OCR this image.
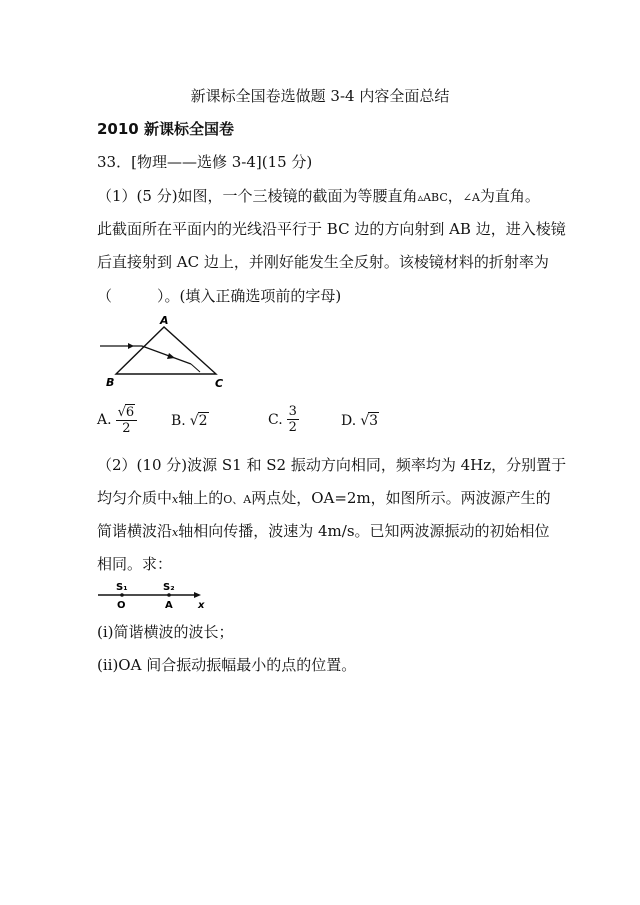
新课标全国卷选做题 3-4 内容全面总结
2010 新课标全国卷
33．[物理——选修 3-4](15 分)
（1）(5 分)如图，一个三棱镜的截面为等腰直角▵ABC，∠A为直角。
此截面所在平面内的光线沿平行于 BC 边的方向射到 AB 边，进入棱镜
后直接射到 AC 边上，并刚好能发生全反射。该棱镜材料的折射率为
（　　　）。(填入正确选项前的字母)
A
B	C
A. $\frac{√ 6}{2} B$. √ 2	C. $\frac{3}{2}$	D. √ 3
（2）(10 分)波源 S1 和 S2 振动方向相同，频率均为 4Hz，分别置于
均匀介质中x轴上的O、A两点处，OA=2m，如图所示。两波源产生的
简谐横波沿x轴相向传播，波速为 4m/s。已知两波源振动的初始相位
相同。求：
S₁	S₂
O	A	x
(ⅰ)简谐横波的波长；
(ⅱ)OA 间合振动振幅最小的点的位置。
